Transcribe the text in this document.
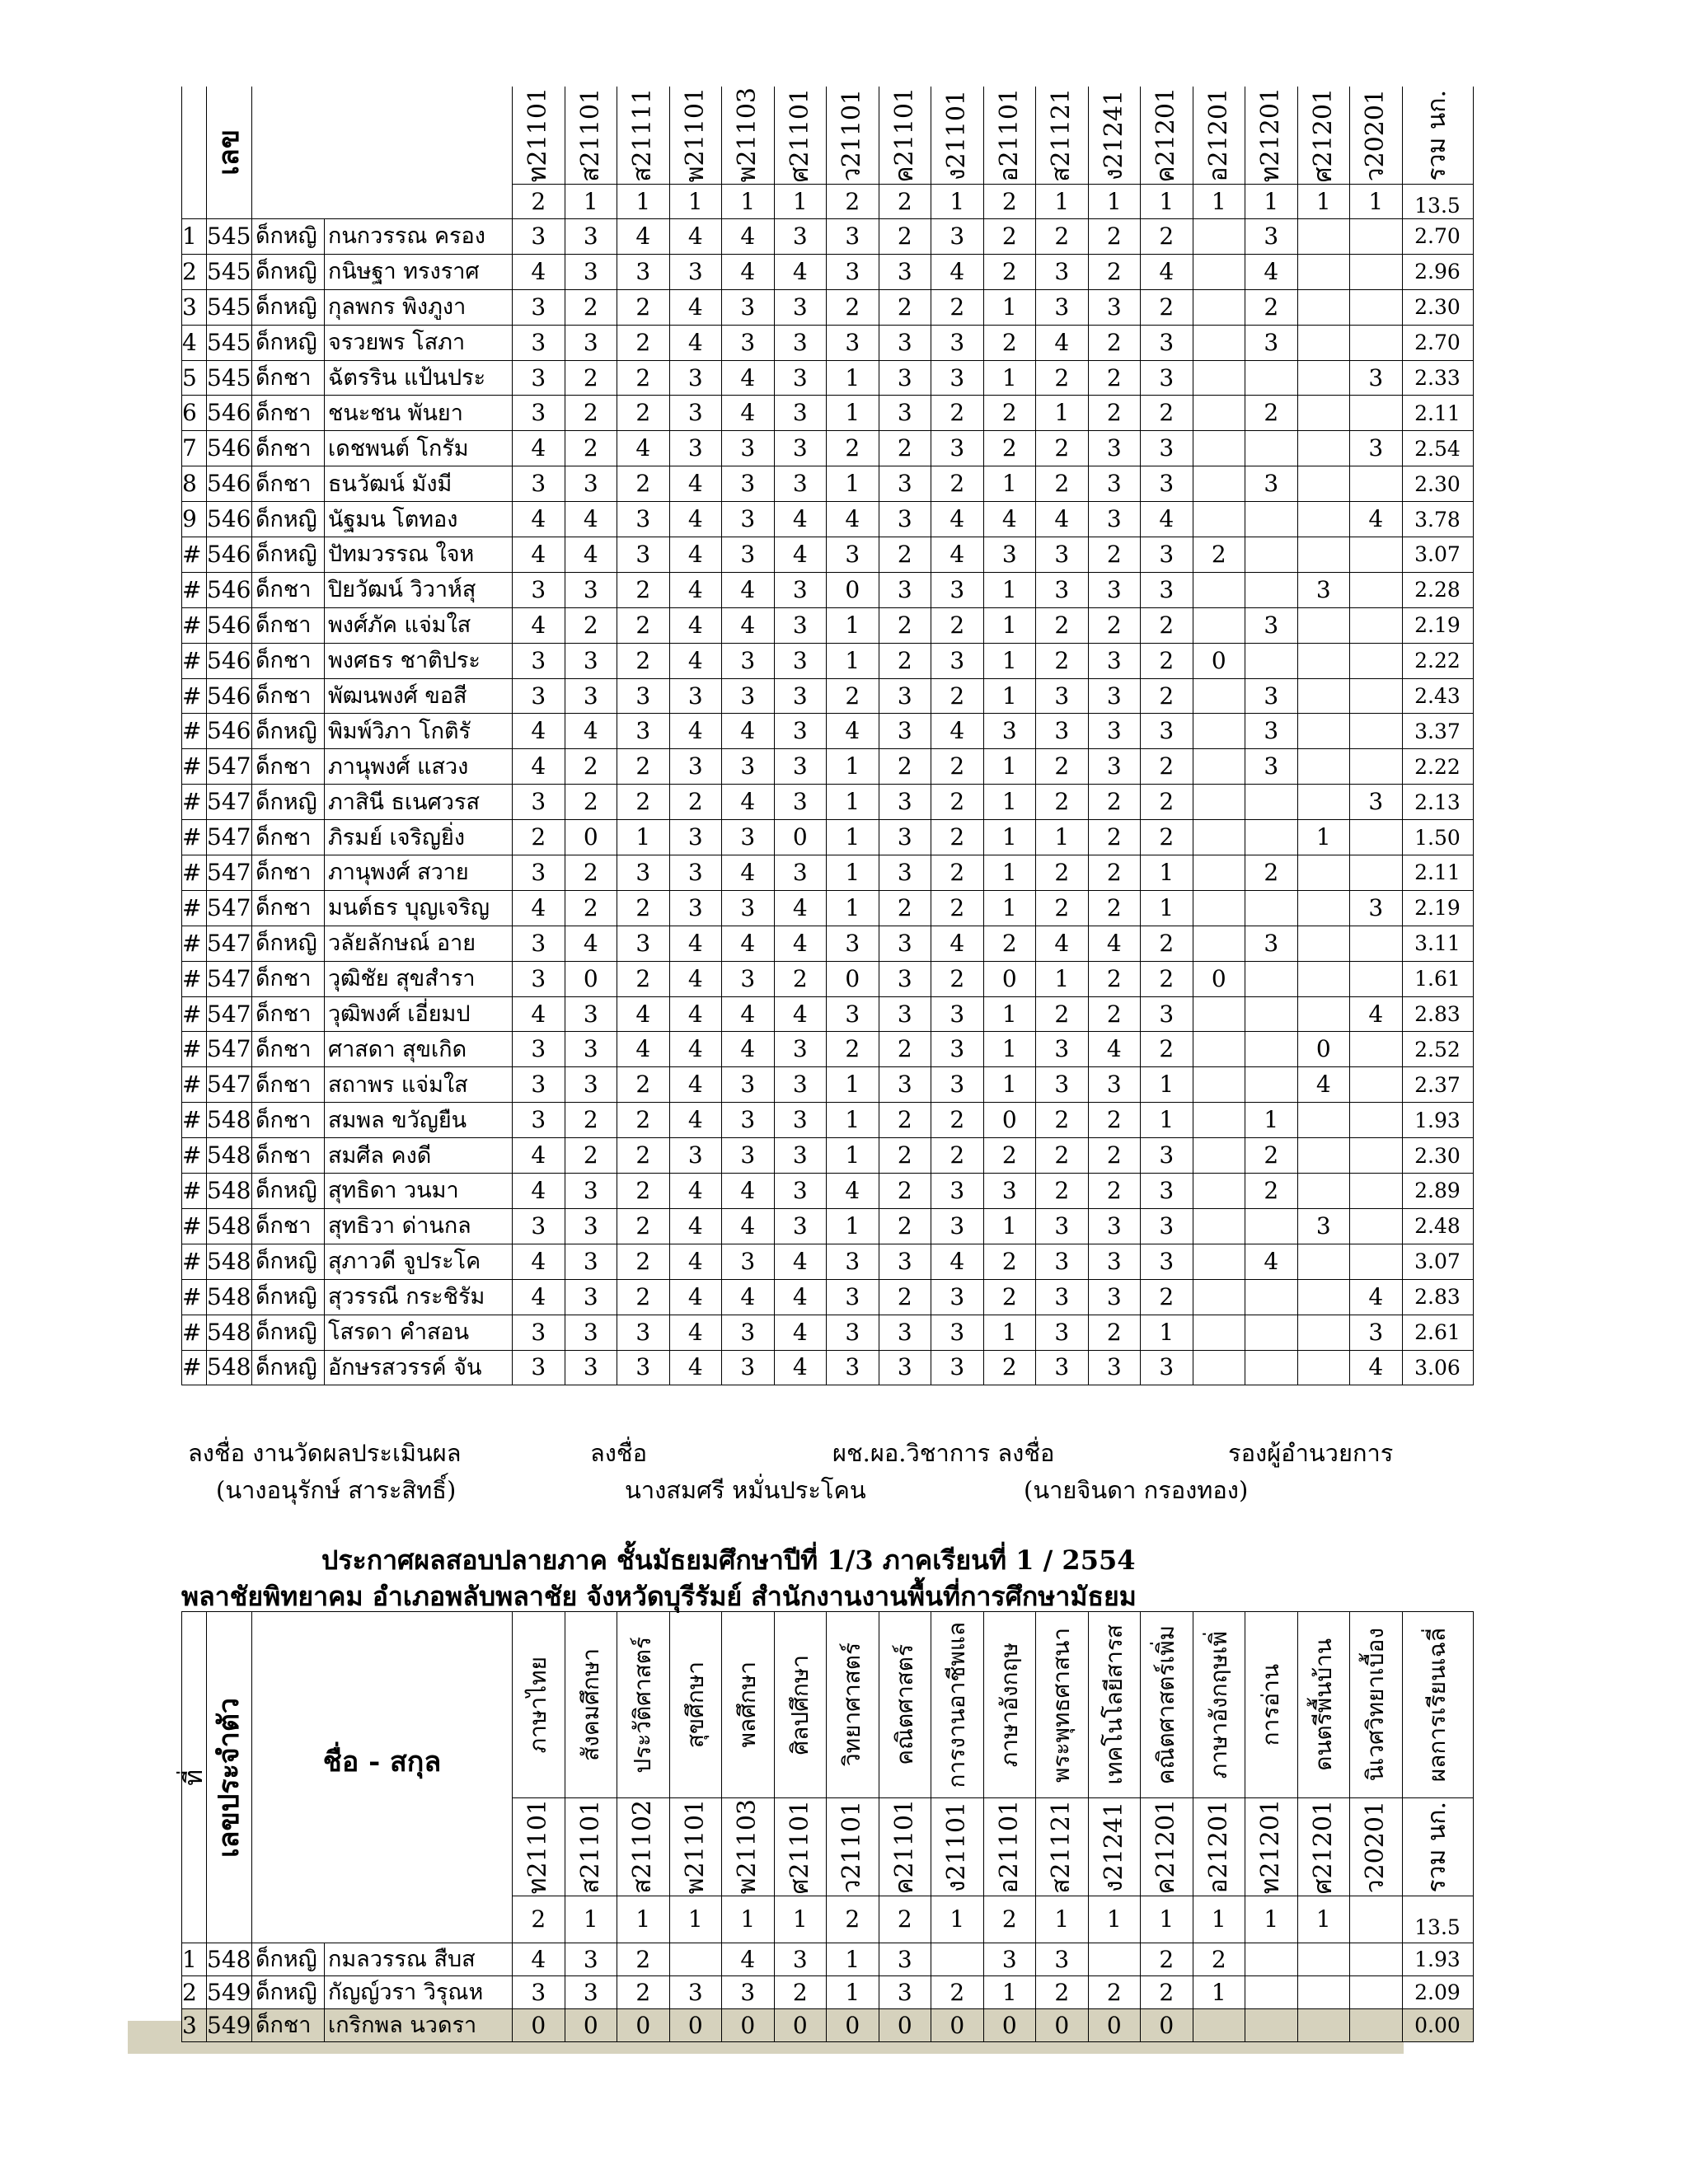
	เลข			ท21101	ส21101	ส21111	พ21101	พ21103	ศ21101	ว21101	ค21101	ง21101	อ21101	ส21121	ง21241	ค21201	อ21201	ท21201	ศ21201	ว20201	รวม นก.

				2	1	1	1	1	1	2	2	1	2	1	1	1	1	1	1	1	13.5
1	545	ด็กหญิ	กนกวรรณ ครอง	3	3	4	4	4	3	3	2	3	2	2	2	2		3			2.70
2	545	ด็กหญิ	กนิษฐา ทรงราศ	4	3	3	3	4	4	3	3	4	2	3	2	4		4			2.96
3	545	ด็กหญิ	กุลพกร พิงภูงา	3	2	2	4	3	3	2	2	2	1	3	3	2		2			2.30
4	545	ด็กหญิ	จรวยพร โสภา	3	3	2	4	3	3	3	3	3	2	4	2	3		3			2.70
5	545	ด็กชา	ฉัตรริน แป้นประ	3	2	2	3	4	3	1	3	3	1	2	2	3				3	2.33
6	546	ด็กชา	ชนะชน พันยา	3	2	2	3	4	3	1	3	2	2	1	2	2		2			2.11
7	546	ด็กชา	เดชพนต์ โกรัม	4	2	4	3	3	3	2	2	3	2	2	3	3				3	2.54
8	546	ด็กชา	ธนวัฒน์ มังมี	3	3	2	4	3	3	1	3	2	1	2	3	3		3			2.30
9	546	ด็กหญิ	นัฐมน โตทอง	4	4	3	4	3	4	4	3	4	4	4	3	4				4	3.78
#	546	ด็กหญิ	ปัทมวรรณ ใจห	4	4	3	4	3	4	3	2	4	3	3	2	3	2				3.07
#	546	ด็กชา	ปิยวัฒน์ วิวาห์สุ	3	3	2	4	4	3	0	3	3	1	3	3	3			3		2.28
#	546	ด็กชา	พงศ์ภัค แจ่มใส	4	2	2	4	4	3	1	2	2	1	2	2	2		3			2.19
#	546	ด็กชา	พงศธร ชาติประ	3	3	2	4	3	3	1	2	3	1	2	3	2	0				2.22
#	546	ด็กชา	พัฒนพงศ์ ขอสี	3	3	3	3	3	3	2	3	2	1	3	3	2		3			2.43
#	546	ด็กหญิ	พิมพ์วิภา โกติรั	4	4	3	4	4	3	4	3	4	3	3	3	3		3			3.37
#	547	ด็กชา	ภานุพงศ์ แสวง	4	2	2	3	3	3	1	2	2	1	2	3	2		3			2.22
#	547	ด็กหญิ	ภาสินี ธเนศวรส	3	2	2	2	4	3	1	3	2	1	2	2	2				3	2.13
#	547	ด็กชา	ภิรมย์ เจริญยิ่ง	2	0	1	3	3	0	1	3	2	1	1	2	2			1		1.50
#	547	ด็กชา	ภานุพงศ์ สวาย	3	2	3	3	4	3	1	3	2	1	2	2	1		2			2.11
#	547	ด็กชา	มนต์ธร บุญเจริญ	4	2	2	3	3	4	1	2	2	1	2	2	1				3	2.19
#	547	ด็กหญิ	วลัยลักษณ์ อาย	3	4	3	4	4	4	3	3	4	2	4	4	2		3			3.11
#	547	ด็กชา	วุฒิชัย สุขสำรา	3	0	2	4	3	2	0	3	2	0	1	2	2	0				1.61
#	547	ด็กชา	วุฒิพงศ์ เอี่ยมป	4	3	4	4	4	4	3	3	3	1	2	2	3				4	2.83
#	547	ด็กชา	ศาสดา สุขเกิด	3	3	4	4	4	3	2	2	3	1	3	4	2			0		2.52
#	547	ด็กชา	สถาพร แจ่มใส	3	3	2	4	3	3	1	3	3	1	3	3	1			4		2.37
#	548	ด็กชา	สมพล ขวัญยืน	3	2	2	4	3	3	1	2	2	0	2	2	1		1			1.93
#	548	ด็กชา	สมศีล คงดี	4	2	2	3	3	3	1	2	2	2	2	2	3		2			2.30
#	548	ด็กหญิ	สุทธิดา วนมา	4	3	2	4	4	3	4	2	3	3	2	2	3		2			2.89
#	548	ด็กชา	สุทธิวา ด่านกล	3	3	2	4	4	3	1	2	3	1	3	3	3			3		2.48
#	548	ด็กหญิ	สุภาวดี จูประโค	4	3	2	4	3	4	3	3	4	2	3	3	3		4			3.07
#	548	ด็กหญิ	สุวรรณี กระชิรัม	4	3	2	4	4	4	3	2	3	2	3	3	2				4	2.83
#	548	ด็กหญิ	โสรดา คำสอน	3	3	3	4	3	4	3	3	3	1	3	2	1				3	2.61
#	548	ด็กหญิ	อักษรสวรรค์ จัน	3	3	3	4	3	4	3	3	3	2	3	3	3				4	3.06
ลงชื่อ งานวัดผลประเมินผล	ลงชื่อ	ผช.ผอ.วิชาการ ลงชื่อ	รองผู้อำนวยการ
(นางอนุรักษ์ สาระสิทธิ์)	นางสมศรี หมั่นประโคน	(นายจินดา กรองทอง)
ประกาศผลสอบปลายภาค ชั้นมัธยมศึกษาปีที่ 1/3 ภาคเรียนที่ 1 / 2554
พลาชัยพิทยาคม อำเภอพลับพลาชัย จังหวัดบุรีรัมย์ สำนักงานงานพื้นที่การศึกษามัธยม
ที่	เลขประจำตัว	ชื่อ - สกุล		ภาษาไทย	สังคมศึกษา	ประวัติศาสตร์	สุขศึกษา	พลศึกษา	ศิลปศึกษา	วิทยาศาสตร์	คณิตศาสตร์	การงานอาชีพแล	ภาษาอังกฤษ	พระพุทธศาสนา	เทคโนโลยีสารส	คณิตศาสตร์เพิ่ม	ภาษาอังกฤษเพิ่	การอ่าน	ดนตรีพื้นบ้าน	นิเวศวิทยาเบื้อง	ผลการเรียนเฉลี่

				ท21101	ส21101	ส21102	พ21101	พ21103	ศ21101	ว21101	ค21101	ง21101	อ21101	ส21121	ง21241	ค21201	อ21201	ท21201	ศ21201	ว20201	รวม นก.

				2	1	1	1	1	1	2	2	1	2	1	1	1	1	1	1		13.5
1	548	ด็กหญิ	กมลวรรณ สืบส	4	3	2		4	3	1	3		3	3		2	2				1.93
2	549	ด็กหญิ	กัญญ์วรา วิรุณห	3	3	2	3	3	2	1	3	2	1	2	2	2	1				2.09
3	549	ด็กชา	เกริกพล นวดรา	0	0	0	0	0	0	0	0	0	0	0	0	0					0.00
